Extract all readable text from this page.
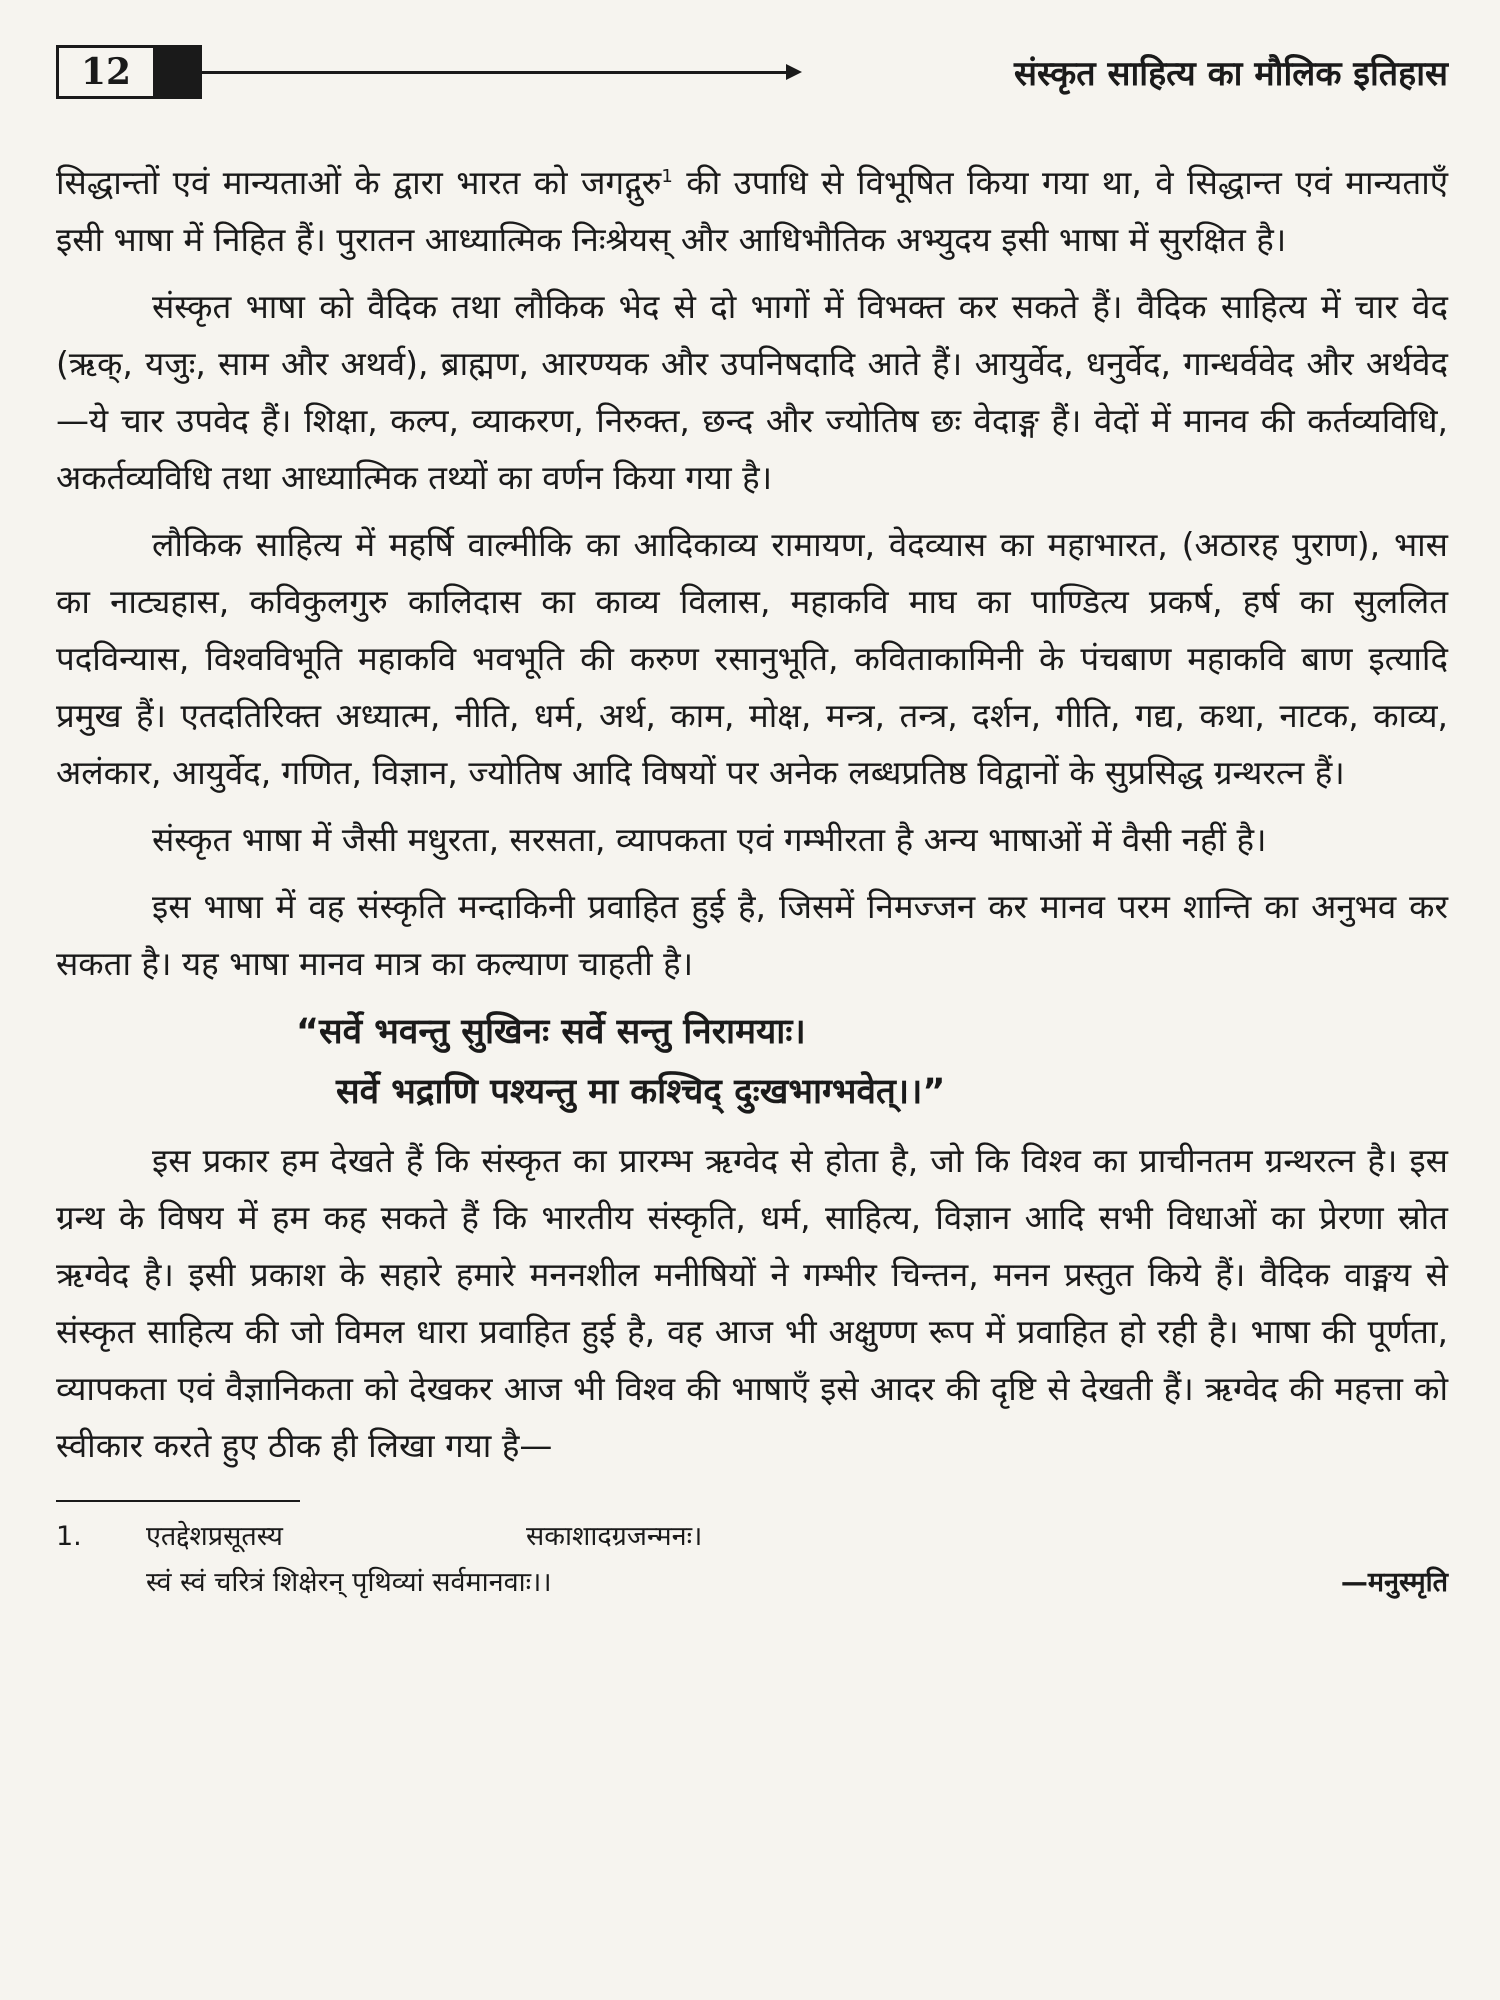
12	संस्कृत साहित्य का मौलिक इतिहास

सिद्धान्तों एवं मान्यताओं के द्वारा भारत को जगद्गुरु$^1$ की उपाधि से विभूषित किया गया था, वे सिद्धान्त एवं मान्यताएँ इसी भाषा में निहित हैं। पुरातन आध्यात्मिक निःश्रेयस् और आधिभौतिक अभ्युदय इसी भाषा में सुरक्षित है।

संस्कृत भाषा को वैदिक तथा लौकिक भेद से दो भागों में विभक्त कर सकते हैं। वैदिक साहित्य में चार वेद (ऋक्, यजुः, साम और अथर्व), ब्राह्मण, आरण्यक और उपनिषदादि आते हैं। आयुर्वेद, धनुर्वेद, गान्धर्ववेद और अर्थवेद—ये चार उपवेद हैं। शिक्षा, कल्प, व्याकरण, निरुक्त, छन्द और ज्योतिष छः वेदाङ्ग हैं। वेदों में मानव की कर्तव्यविधि, अकर्तव्यविधि तथा आध्यात्मिक तथ्यों का वर्णन किया गया है।

लौकिक साहित्य में महर्षि वाल्मीकि का आदिकाव्य रामायण, वेदव्यास का महाभारत, (अठारह पुराण), भास का नाट्यहास, कविकुलगुरु कालिदास का काव्य विलास, महाकवि माघ का पाण्डित्य प्रकर्ष, हर्ष का सुललित पदविन्यास, विश्वविभूति महाकवि भवभूति की करुण रसानुभूति, कविताकामिनी के पंचबाण महाकवि बाण इत्यादि प्रमुख हैं। एतदतिरिक्त अध्यात्म, नीति, धर्म, अर्थ, काम, मोक्ष, मन्त्र, तन्त्र, दर्शन, गीति, गद्य, कथा, नाटक, काव्य, अलंकार, आयुर्वेद, गणित, विज्ञान, ज्योतिष आदि विषयों पर अनेक लब्धप्रतिष्ठ विद्वानों के सुप्रसिद्ध ग्रन्थरत्न हैं।

संस्कृत भाषा में जैसी मधुरता, सरसता, व्यापकता एवं गम्भीरता है अन्य भाषाओं में वैसी नहीं है।

इस भाषा में वह संस्कृति मन्दाकिनी प्रवाहित हुई है, जिसमें निमज्जन कर मानव परम शान्ति का अनुभव कर सकता है। यह भाषा मानव मात्र का कल्याण चाहती है।

“सर्वे भवन्तु सुखिनः सर्वे सन्तु निरामयाः।
सर्वे भद्राणि पश्यन्तु मा कश्चिद् दुःखभाग्भवेत्।।”

इस प्रकार हम देखते हैं कि संस्कृत का प्रारम्भ ऋग्वेद से होता है, जो कि विश्व का प्राचीनतम ग्रन्थरत्न है। इस ग्रन्थ के विषय में हम कह सकते हैं कि भारतीय संस्कृति, धर्म, साहित्य, विज्ञान आदि सभी विधाओं का प्रेरणा स्रोत ऋग्वेद है। इसी प्रकाश के सहारे हमारे मननशील मनीषियों ने गम्भीर चिन्तन, मनन प्रस्तुत किये हैं। वैदिक वाङ्मय से संस्कृत साहित्य की जो विमल धारा प्रवाहित हुई है, वह आज भी अक्षुण्ण रूप में प्रवाहित हो रही है। भाषा की पूर्णता, व्यापकता एवं वैज्ञानिकता को देखकर आज भी विश्व की भाषाएँ इसे आदर की दृष्टि से देखती हैं। ऋग्वेद की महत्ता को स्वीकार करते हुए ठीक ही लिखा गया है—

1.	एतद्देशप्रसूतस्य	सकाशादग्रजन्मनः।
स्वं स्वं चरित्रं शिक्षेरन् पृथिव्यां सर्वमानवाः।।	—मनुस्मृति
